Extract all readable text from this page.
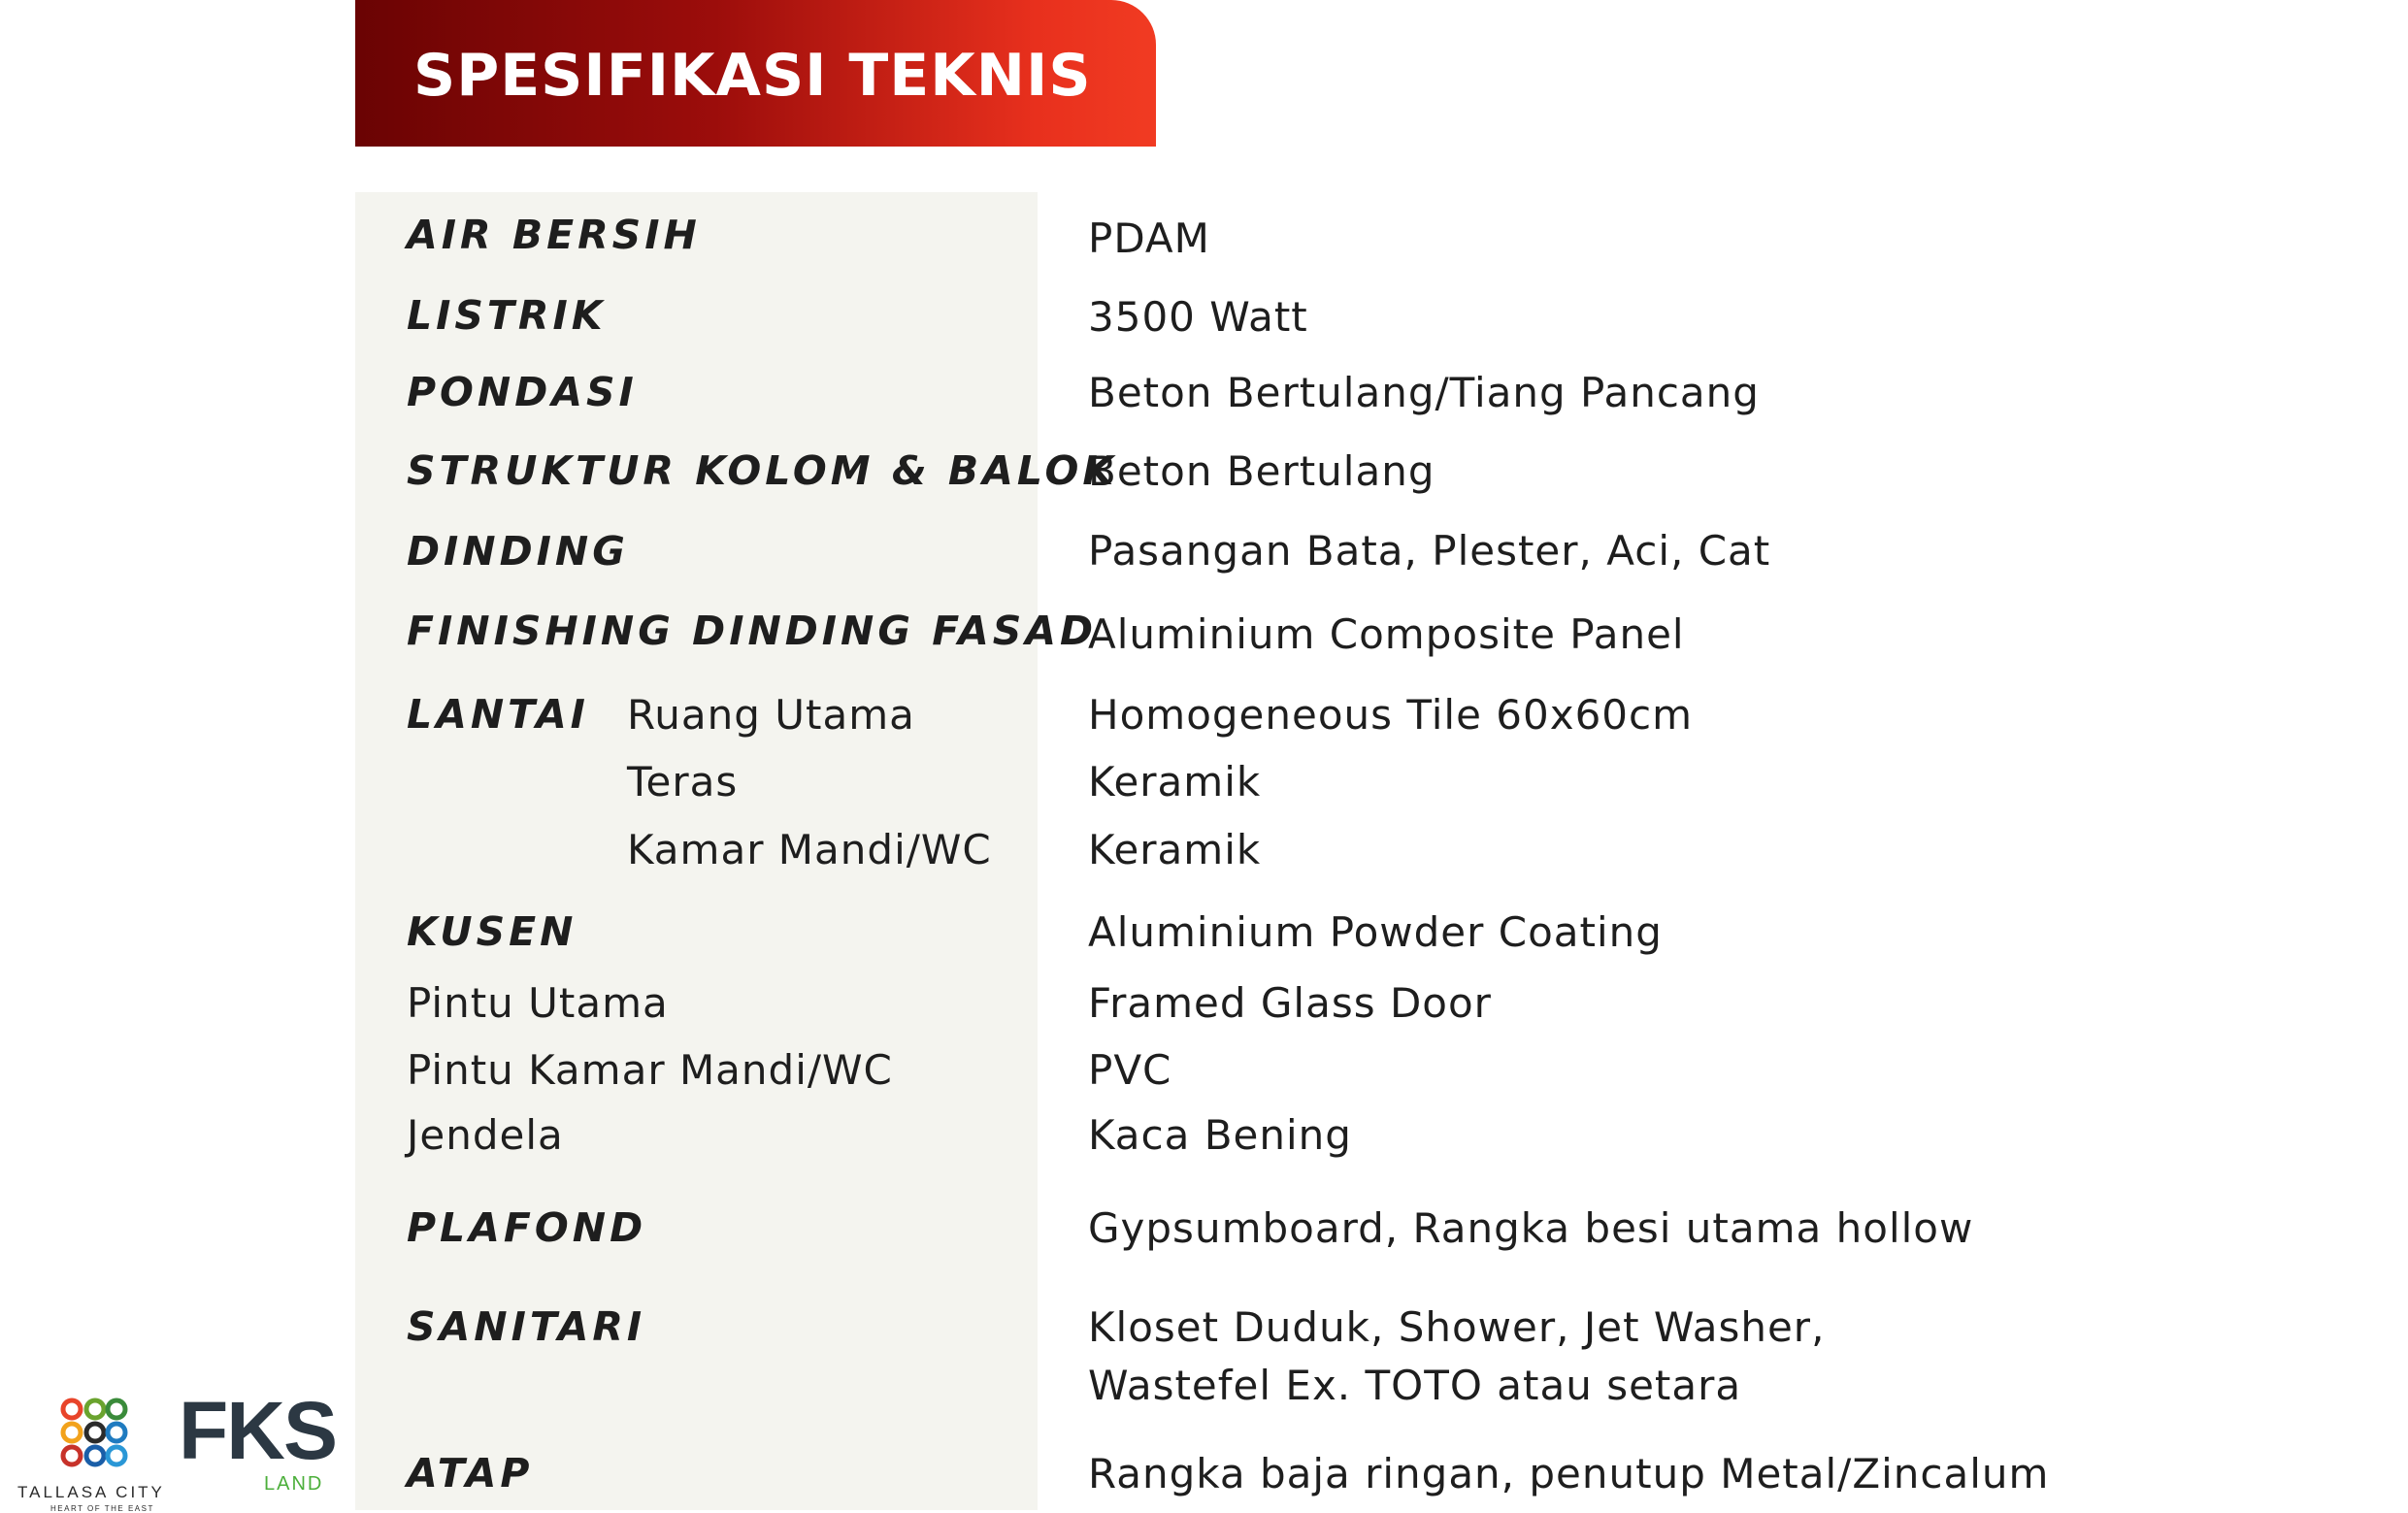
SPESIFIKASI TEKNIS
AIR BERSIH
LISTRIK
PONDASI
STRUKTUR KOLOM & BALOK
DINDING
FINISHING DINDING FASAD
LANTAI
KUSEN
PLAFOND
SANITARI
ATAP
Ruang Utama
Teras
Kamar Mandi/WC
Pintu Utama
Pintu Kamar Mandi/WC
Jendela
PDAM
3500 Watt
Beton Bertulang/Tiang Pancang
Beton Bertulang
Pasangan Bata, Plester, Aci, Cat
Aluminium Composite Panel
Homogeneous Tile 60x60cm
Keramik
Keramik
Aluminium Powder Coating
Framed Glass Door
PVC
Kaca Bening
Gypsumboard, Rangka besi utama hollow
Kloset Duduk, Shower, Jet Washer,
Wastefel Ex. TOTO atau setara
Rangka baja ringan, penutup Metal/Zincalum
TALLASA CITY
HEART OF THE EAST
FKS
LAND
